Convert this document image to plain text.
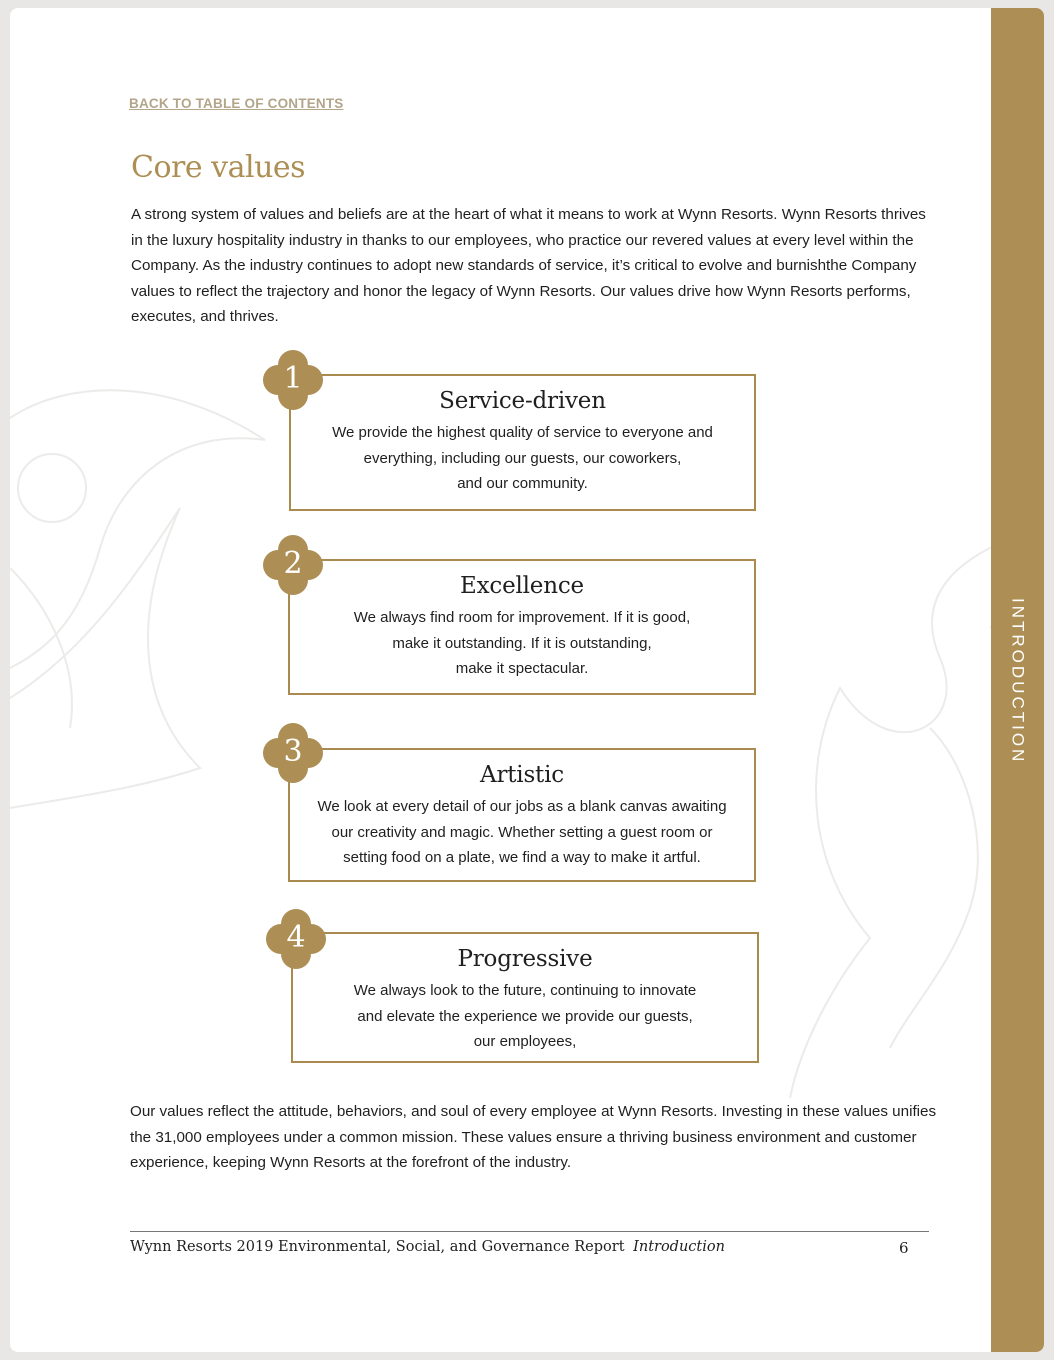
INTRODUCTION
BACK TO TABLE OF CONTENTS
Core values

A strong system of values and beliefs are at the heart of what it means to work at Wynn Resorts. Wynn Resorts thrives in the luxury hospitality industry in thanks to our employees, who practice our revered values at every level within the Company. As the industry continues to adopt new standards of service, it’s critical to evolve and burnishthe Company values to reflect the trajectory and honor the legacy of Wynn Resorts. Our values drive how Wynn Resorts performs, executes, and thrives.

Service-driven
We provide the highest quality of service to everyone and
everything, including our guests, our coworkers,
and our community.
1
Excellence
We always find room for improvement. If it is good,
make it outstanding. If it is outstanding,
make it spectacular.
2
Artistic
We look at every detail of our jobs as a blank canvas awaiting
our creativity and magic. Whether setting a guest room or
setting food on a plate, we find a way to make it artful.
3
Progressive
We always look to the future, continuing to innovate
and elevate the experience we provide our guests,
our employees,
4

Our values reflect the attitude, behaviors, and soul of every employee at Wynn Resorts. Investing in these values unifies the 31,000 employees under a common mission. These values ensure a thriving business environment and customer experience, keeping Wynn Resorts at the forefront of the industry.

Wynn Resorts 2019 Environmental, Social, and Governance Report Introduction	6
